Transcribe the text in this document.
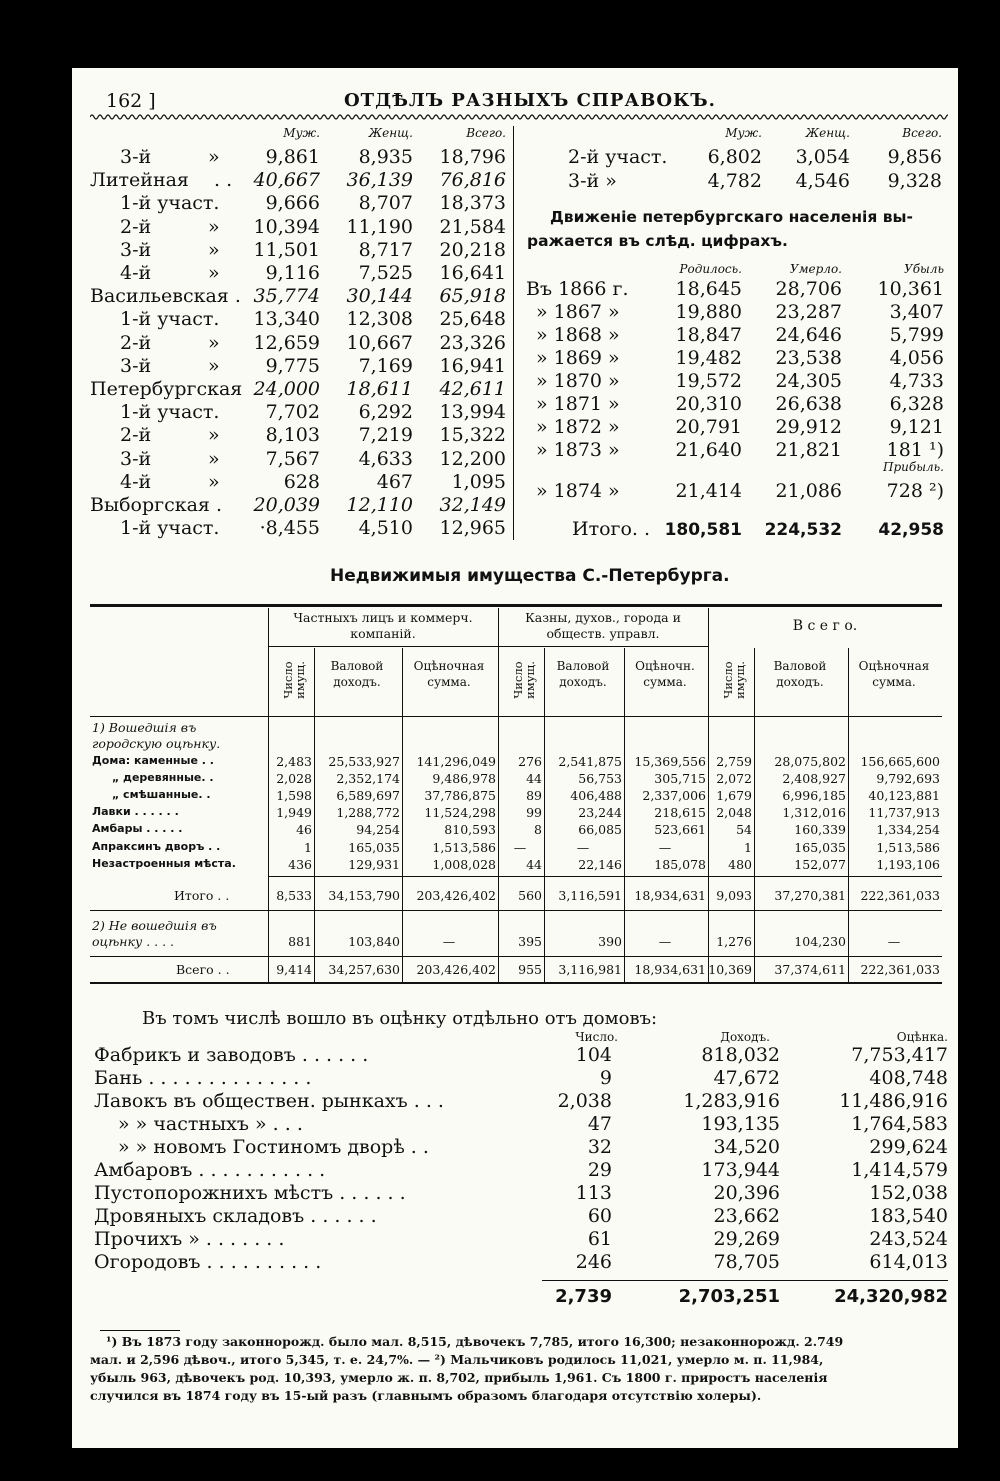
162 ]	ОТДѢЛЪ РАЗНЫХЪ СПРАВОКЪ.
Муж.	Женщ.	Всего.
3-й	» 9,861 8,935 18,796
Литейная . . 40,667 36,139 76,816
1-й участ. 9,666 8,707 18,373
2-й	» 10,394 11,190 21,584
3-й	» 11,501 8,717 20,218
4-й	» 9,116 7,525 16,641
Васильевская . 35,774 30,144 65,918
1-й участ. 13,340 12,308 25,648
2-й	» 12,659 10,667 23,326
3-й	» 9,775 7,169 16,941
Петербургская 24,000 18,611 42,611
1-й участ. 7,702 6,292 13,994
2-й	» 8,103 7,219 15,322
3-й	» 7,567 4,633 12,200
4-й	»	628	467 1,095
Выборгская . 20,039 12,110 32,149
1-й участ. ·8,455 4,510 12,965
Муж.	Женщ.	Всего.
2-й участ. 6,802 3,054 9,856
3-й »	4,782 4,546 9,328
Движенiе петербургскаго населенiя вы-
ражается въ слѣд. цифрахъ.
Родилось.	Умерло.	Убыль
Въ 1866 г. 18,645 28,706 10,361
» 1867 »	19,880 23,287	3,407
» 1868 »	18,847 24,646	5,799
» 1869 »	19,482 23,538	4,056
» 1870 »	19,572 24,305	4,733
» 1871 »	20,310 26,638	6,328
» 1872 »	20,791 29,912	9,121
» 1873 »	21,640 21,821 181 ¹)
Прибыль.
» 1874 »	21,414 21,086 728 ²)
Итого. . 180,581 224,532 42,958
Недвижимыя имущества С.-Петербурга.
Частныхъ лицъ и коммерч. компанiй.
Казны, духов., города и обществ. управл.	В с е г о.
Число имущ.	Валовой доходъ.
Оцѣночная сумма.	Число имущ.	Валовой доходъ.
Оцѣночн. сумма.	Число имущ.	Валовой доходъ.
Оцѣночная сумма.
1) Вошедшiя въ городскую оцѣнку.
Дома: каменные . .	2,483 25,533,927 141,296,049 276 2,541,875 15,369,556 2,759 28,075,802 156,665,600
„ деревянные. .	2,028 2,352,174	9,486,978 44	56,753	305,715 2,072 2,408,927 9,792,693
„ смѣшанные. .	1,598 6,589,697 37,786,875 89 406,488 2,337,006 1,679 6,996,185 40,123,881
Лавки . . . . . .	1,949 1,288,772 11,524,298 99	23,244	218,615 2,048 1,312,016 11,737,913
Амбары . . . . .	46	94,254	810,593	8	66,085	523,661 54	160,339 1,334,254
Апраксинъ дворъ . .	1	165,035	1,513,586	—	—	—	1	165,035 1,513,586
Незастроенныя мѣста.	436	129,931	1,008,028 44	22,146	185,078 480	152,077 1,193,106
Итого . .	8,533 34,153,790 203,426,402 560 3,116,591 18,934,631 9,093 37,270,381 222,361,033
2) Не вошедшiя въ оцѣнку . . . .	881	103,840	—	395	390	—	1,276	104,230	—
Всего . .	9,414 34,257,630 203,426,402 955 3,116,981 18,934,631 10,369 37,374,611 222,361,033
Въ томъ числѣ вошло въ оцѣнку отдѣльно отъ домовъ:
Число.	Доходъ.	Оцѣнка.
Фабрикъ и заводовъ . . . . . .	104	818,032	7,753,417
Бань . . . . . . . . . . . . . .	9	47,672	408,748
Лавокъ въ обществен. рынкахъ . . .	2,038	1,283,916	11,486,916
» » частныхъ » . . .	47	193,135	1,764,583
» » новомъ Гостиномъ дворѣ . .	32	34,520	299,624
Амбаровъ . . . . . . . . . . .	29	173,944	1,414,579
Пустопорожнихъ мѣстъ . . . . . .	113	20,396	152,038
Дровяныхъ складовъ . . . . . .	60	23,662	183,540
Прочихъ » . . . . . . .	61	29,269	243,524
Огородовъ . . . . . . . . . .	246	78,705	614,013
2,739	2,703,251	24,320,982
¹) Въ 1873 году законнорожд. было мал. 8,515, дѣвочекъ 7,785, итого 16,300; незаконнорожд. 2.749
мал. и 2,596 дѣвоч., итого 5,345, т. е. 24,7%. — ²) Мальчиковъ родилось 11,021, умерло м. п. 11,984,
убыль 963, дѣвочекъ род. 10,393, умерло ж. п. 8,702, прибыль 1,961. Съ 1800 г. приростъ населенiя
случился въ 1874 году въ 15-ый разъ (главнымъ образомъ благодаря отсутствiю холеры).
